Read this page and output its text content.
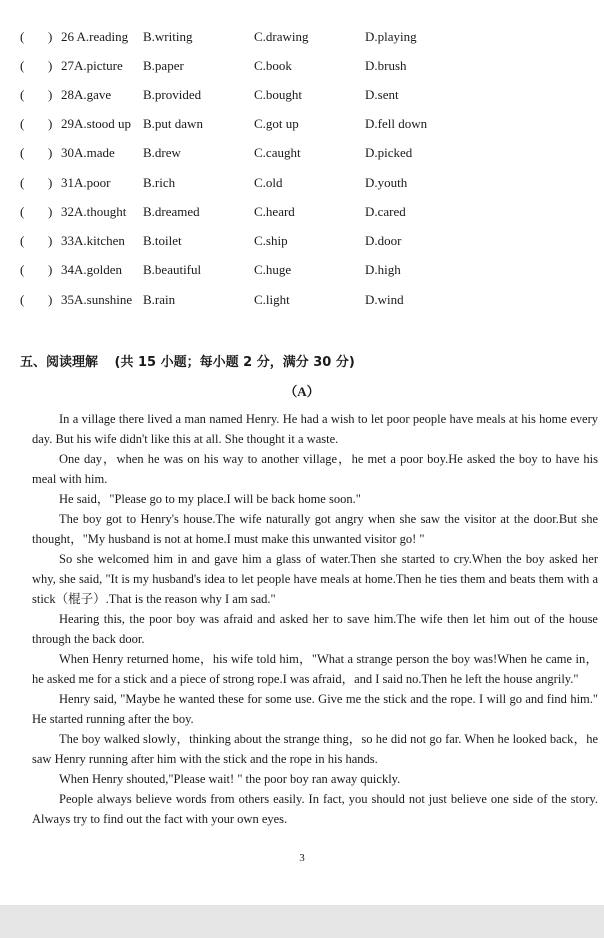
( ) 26 A.reading B.writing	C.drawing	D.playing
( ) 27A.picture B.paper	C.book	D.brush
( ) 28A.gave B.provided	C.bought	D.sent
( ) 29A.stood up B.put dawn	C.got up	D.fell down
( ) 30A.made B.drew	C.caught	D.picked
( ) 31A.poor	B.rich	C.old	D.youth
( ) 32A.thought B.dreamed	C.heard	D.cared
( ) 33A.kitchen B.toilet	C.ship	D.door
( ) 34A.golden B.beautiful	C.huge	D.high
( ) 35A.sunshine B.rain	C.light	D.wind
五、阅读理解 (共 15 小题；每小题 2 分，满分 30 分)
（A）

In a village there lived a man named Henry. He had a wish to let poor people have meals at his home every day. But his wife didn't like this at all. She thought it a waste.

One day，when he was on his way to another village，he met a poor boy.He asked the boy to have his meal with him.

He said，"Please go to my place.I will be back home soon."

The boy got to Henry's house.The wife naturally got angry when she saw the visitor at the door.But she thought，"My husband is not at home.I must make this unwanted visitor go! "

So she welcomed him in and gave him a glass of water.Then she started to cry.When the boy asked her why, she said, "It is my husband's idea to let people have meals at home.Then he ties them and beats them with a stick（棍子）.That is the reason why I am sad."

Hearing this, the poor boy was afraid and asked her to save him.The wife then let him out of the house through the back door.

When Henry returned home，his wife told him，"What a strange person the boy was!When he came in，he asked me for a stick and a piece of strong rope.I was afraid，and I said no.Then he left the house angrily."

Henry said, "Maybe he wanted these for some use. Give me the stick and the rope. I will go and find him." He started running after the boy.

The boy walked slowly，thinking about the strange thing，so he did not go far. When he looked back，he saw Henry running after him with the stick and the rope in his hands.

When Henry shouted,"Please wait! " the poor boy ran away quickly.

People always believe words from others easily. In fact, you should not just believe one side of the story. Always try to find out the fact with your own eyes.

3
